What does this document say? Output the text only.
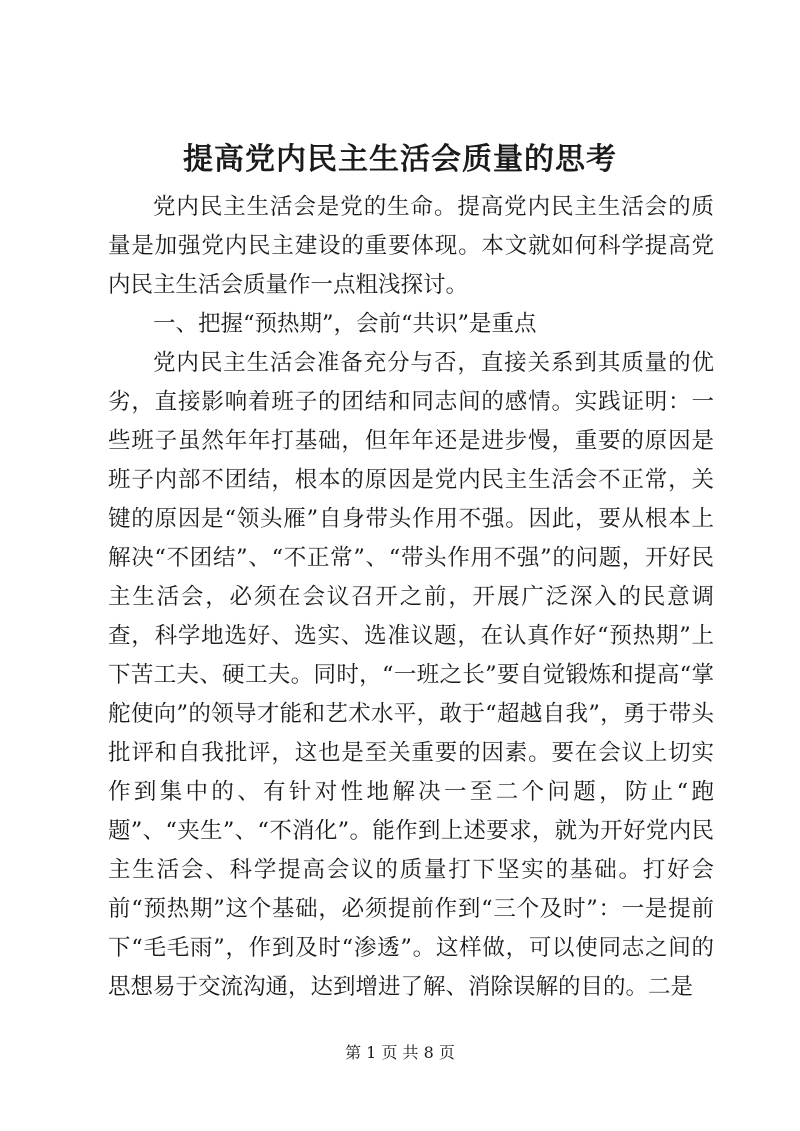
提高党内民主生活会质量的思考

党内民主生活会是党的生命。提高党内民主生活会的质量是加强党内民主建设的重要体现。本文就如何科学提高党内民主生活会质量作一点粗浅探讨。

一、把握“预热期”，会前“共识”是重点

党内民主生活会准备充分与否，直接关系到其质量的优劣，直接影响着班子的团结和同志间的感情。实践证明：一些班子虽然年年打基础，但年年还是进步慢，重要的原因是班子内部不团结，根本的原因是党内民主生活会不正常，关键的原因是“领头雁”自身带头作用不强。因此，要从根本上解决“不团结”、“不正常”、“带头作用不强”的问题，开好民主生活会，必须在会议召开之前，开展广泛深入的民意调查，科学地选好、选实、选准议题，在认真作好“预热期”上下苦工夫、硬工夫。同时，“一班之长”要自觉锻炼和提高“掌舵使向”的领导才能和艺术水平，敢于“超越自我”，勇于带头批评和自我批评，这也是至关重要的因素。要在会议上切实作到集中的、有针对性地解决一至二个问题，防止“跑题”、“夹生”、“不消化”。能作到上述要求，就为开好党内民主生活会、科学提高会议的质量打下坚实的基础。打好会前“预热期”这个基础，必须提前作到“三个及时”：一是提前下“毛毛雨”，作到及时“渗透”。这样做，可以使同志之间的思想易于交流沟通，达到增进了解、消除误解的目的。二是

第 1 页 共 8 页
